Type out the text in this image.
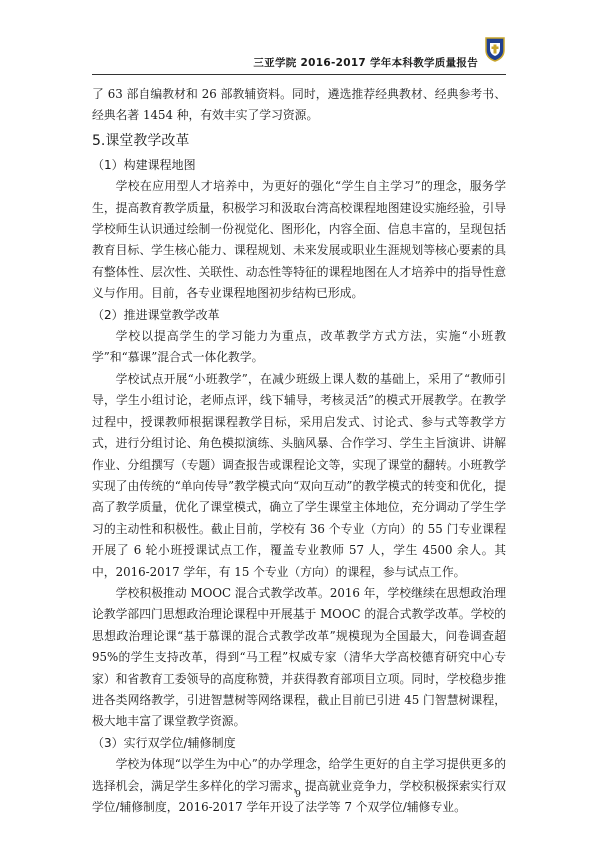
三亚学院 2016-2017 学年本科教学质量报告

了 63 部自编教材和 26 部教辅资料。同时，遴选推荐经典教材、经典参考书、经典名著 1454 种，有效丰实了学习资源。

5.课堂教学改革
（1）构建课程地图

学校在应用型人才培养中，为更好的强化“学生自主学习”的理念，服务学生，提高教育教学质量，积极学习和汲取台湾高校课程地图建设实施经验，引导学校师生认识通过绘制一份视觉化、图形化，内容全面、信息丰富的，呈现包括教育目标、学生核心能力、课程规划、未来发展或职业生涯规划等核心要素的具有整体性、层次性、关联性、动态性等特征的课程地图在人才培养中的指导性意义与作用。目前，各专业课程地图初步结构已形成。

（2）推进课堂教学改革

学校以提高学生的学习能力为重点，改革教学方式方法，实施“小班教学”和“慕课”混合式一体化教学。

学校试点开展“小班教学”，在减少班级上课人数的基础上，采用了“教师引导，学生小组讨论，老师点评，线下辅导，考核灵活”的模式开展教学。在教学过程中，授课教师根据课程教学目标，采用启发式、讨论式、参与式等教学方式，进行分组讨论、角色模拟演练、头脑风暴、合作学习、学生主旨演讲、讲解作业、分组撰写（专题）调查报告或课程论文等，实现了课堂的翻转。小班教学实现了由传统的“单向传导”教学模式向“双向互动”的教学模式的转变和优化，提高了教学质量，优化了课堂模式，确立了学生课堂主体地位，充分调动了学生学习的主动性和积极性。截止目前，学校有 36 个专业（方向）的 55 门专业课程开展了 6 轮小班授课试点工作，覆盖专业教师 57 人，学生 4500 余人。其中，2016-2017 学年，有 15 个专业（方向）的课程，参与试点工作。

学校积极推动 MOOC 混合式教学改革。2016 年，学校继续在思想政治理论教学部四门思想政治理论课程中开展基于 MOOC 的混合式教学改革。学校的思想政治理论课“基于慕课的混合式教学改革”规模现为全国最大，问卷调查超 95%的学生支持改革，得到“马工程”权威专家（清华大学高校德育研究中心专家）和省教育工委领导的高度称赞，并获得教育部项目立项。同时，学校稳步推进各类网络教学，引进智慧树等网络课程，截止目前已引进 45 门智慧树课程，极大地丰富了课堂教学资源。

（3）实行双学位/辅修制度

学校为体现“以学生为中心”的办学理念，给学生更好的自主学习提供更多的选择机会，满足学生多样化的学习需求，提高就业竞争力，学校积极探索实行双学位/辅修制度，2016-2017 学年开设了法学等 7 个双学位/辅修专业。

9
